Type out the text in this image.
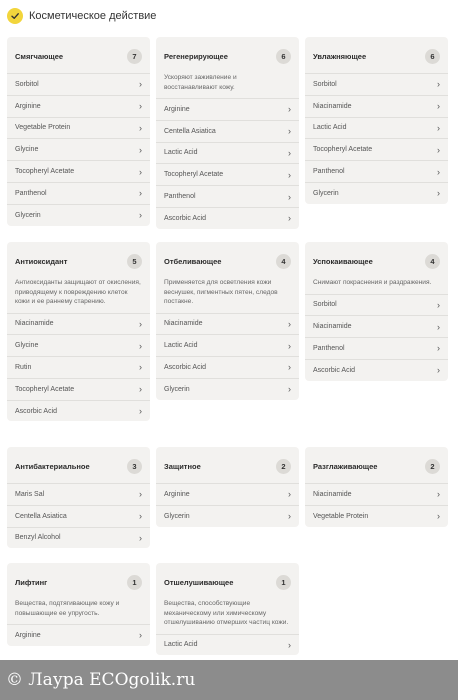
Косметическое действие
Смягчающее	7
Sorbitol	›
Arginine	›
Vegetable Protein	›
Glycine	›
Tocopheryl Acetate	›
Panthenol	›
Glycerin	›
Регенерирующее	6
Ускоряют заживление и восстанавливают кожу.
Arginine	›
Centella Asiatica	›
Lactic Acid	›
Tocopheryl Acetate	›
Panthenol	›
Ascorbic Acid	›
Увлажняющее	6
Sorbitol	›
Niacinamide	›
Lactic Acid	›
Tocopheryl Acetate	›
Panthenol	›
Glycerin	›
Антиоксидант	5
Антиоксиданты защищают от окисления, приводящему к повреждению клеток кожи и ее раннему старению.
Niacinamide	›
Glycine	›
Rutin	›
Tocopheryl Acetate	›
Ascorbic Acid	›
Отбеливающее	4
Применяется для осветления кожи веснушек, пигментных пятен, следов постакне.
Niacinamide	›
Lactic Acid	›
Ascorbic Acid	›
Glycerin	›
Успокаивающее	4
Снимают покраснения и раздражения.
Sorbitol	›
Niacinamide	›
Panthenol	›
Ascorbic Acid	›
Антибактериальное	3
Maris Sal	›
Centella Asiatica	›
Benzyl Alcohol	›
Защитное	2
Arginine	›
Glycerin	›
Разглаживающее	2
Niacinamide	›
Vegetable Protein	›
Лифтинг	1
Вещества, подтягивающие кожу и повышающие ее упругость.
Arginine	›
Отшелушивающее	1
Вещества, способствующие механическому или химическому отшелушиванию отмерших частиц кожи.
Lactic Acid	›
© Лаура ECOgolik.ru
